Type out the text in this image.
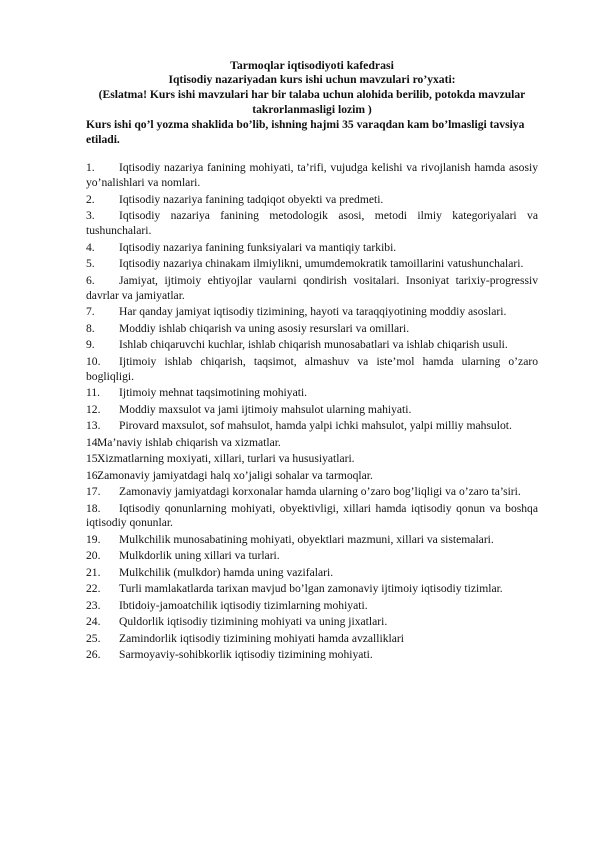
Tarmoqlar iqtisodiyoti kafedrasi
Iqtisodiy nazariyadan kurs ishi uchun mavzulari ro’yxati:
(Eslatma! Kurs ishi mavzulari har bir talaba uchun alohida berilib, potokda mavzular takrorlanmasligi lozim )

Kurs ishi qo’l yozma shaklida bo’lib, ishning hajmi 35 varaqdan kam bo’lmasligi tavsiya etiladi.

1. Iqtisodiy nazariya fanining mohiyati, ta’rifi, vujudga kelishi va rivojlanish hamda asosiy yo’nalishlari va nomlari.
2. Iqtisodiy nazariya fanining tadqiqot obyekti va predmeti.
3. Iqtisodiy nazariya fanining metodologik asosi, metodi ilmiy kategoriyalari va tushunchalari.
4. Iqtisodiy nazariya fanining funksiyalari va mantiqiy tarkibi.
5. Iqtisodiy nazariya chinakam ilmiylikni, umumdemokratik tamoillarini vatushunchalari.
6. Jamiyat, ijtimoiy ehtiyojlar vaularni qondirish vositalari. Insoniyat tarixiy-progressiv davrlar va jamiyatlar.
7. Har qanday jamiyat iqtisodiy tizimining, hayoti va taraqqiyotining moddiy asoslari.
8. Moddiy ishlab chiqarish va uning asosiy resurslari va omillari.
9. Ishlab chiqaruvchi kuchlar, ishlab chiqarish munosabatlari va ishlab chiqarish usuli.
10. Ijtimoiy ishlab chiqarish, taqsimot, almashuv va iste’mol hamda ularning o’zaro bogliqligi.
11. Ijtimoiy mehnat taqsimotining mohiyati.
12. Moddiy maxsulot va jami ijtimoiy mahsulot ularning mahiyati.
13. Pirovard maxsulot, sof mahsulot, hamda yalpi ichki mahsulot, yalpi milliy mahsulot.
14.Ma’naviy ishlab chiqarish va xizmatlar.
15.Xizmatlarning moxiyati, xillari, turlari va hususiyatlari.
16.Zamonaviy jamiyatdagi halq xo’jaligi sohalar va tarmoqlar.
17. Zamonaviy jamiyatdagi korxonalar hamda ularning o’zaro bog’liqligi va o’zaro ta’siri.
18. Iqtisodiy qonunlarning mohiyati, obyektivligi, xillari hamda iqtisodiy qonun va boshqa iqtisodiy qonunlar.
19. Mulkchilik munosabatining mohiyati, obyektlari mazmuni, xillari va sistemalari.
20. Mulkdorlik uning xillari va turlari.
21. Mulkchilik (mulkdor) hamda uning vazifalari.
22. Turli mamlakatlarda tarixan mavjud bo’lgan zamonaviy ijtimoiy iqtisodiy tizimlar.
23. Ibtidoiy-jamoatchilik iqtisodiy tizimlarning mohiyati.
24. Quldorlik iqtisodiy tizimining mohiyati va uning jixatlari.
25. Zamindorlik iqtisodiy tizimining mohiyati hamda avzalliklari
26. Sarmoyaviy-sohibkorlik iqtisodiy tizimining mohiyati.
